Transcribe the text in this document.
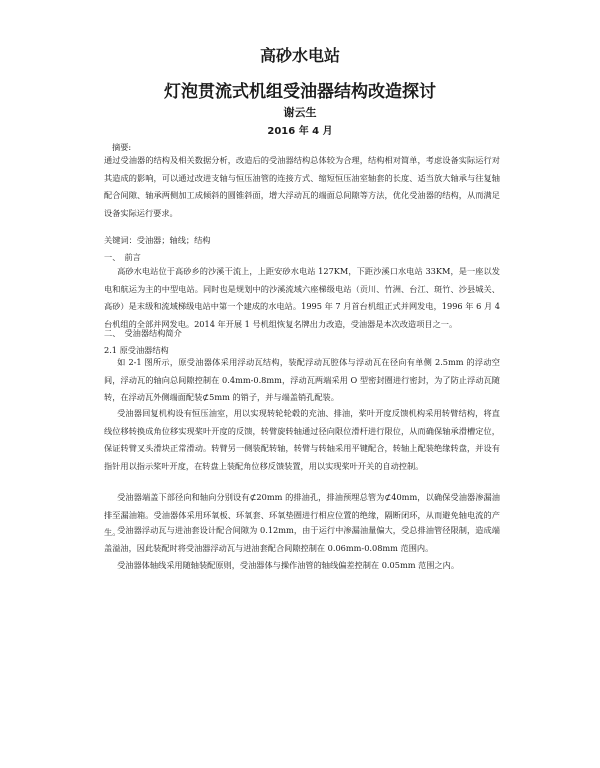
高砂水电站
灯泡贯流式机组受油器结构改造探讨
谢云生
2016 年 4 月

摘要:

通过受油器的结构及相关数据分析，改造后的受油器结构总体较为合理，结构相对简单，考虑设备实际运行对其造成的影响，可以通过改进支轴与恒压油管的连接方式、缩短恒压油室轴套的长度、适当放大轴承与往复轴配合间隙、轴承两侧加工成倾斜的圆锥斜面，增大浮动瓦的端面总间隙等方法，优化受油器的结构，从而满足设备实际运行要求。

关键词：受油器；轴线；结构

一、　前言

高砂水电站位于高砂乡的沙溪干流上，上距安砂水电站 127KM，下距沙溪口水电站 33KM，是一座以发电和航运为主的中型电站。同时也是规划中的沙溪流域六座梯级电站（贡川、竹洲、台江、斑竹、沙县城关、高砂）是末级和流域梯级电站中第一个建成的水电站。1995 年 7 月首台机组正式并网发电，1996 年 6 月 4 台机组的全部并网发电。2014 年开展 1 号机组恢复名牌出力改造，受油器是本次改造项目之一。

二、　受油器结构简介

2.1 原受油器结构

如 2-1 图所示，原受油器体采用浮动瓦结构，装配浮动瓦腔体与浮动瓦在径向有单侧 2.5mm 的浮动空间，浮动瓦的轴向总间隙控制在 0.4mm-0.8mm，浮动瓦两端采用 O 型密封圈进行密封，为了防止浮动瓦随转，在浮动瓦外侧端面配装⊄5mm 的销子，并与端盖销孔配装。

受油器回复机构设有恒压油室，用以实现转轮轮毂的充油、排油，桨叶开度反馈机构采用转臂结构，将直线位移转换成角位移实现桨叶开度的反馈，转臂旋转轴通过径向限位滑杆进行限位，从而确保轴承滑槽定位，保证转臂叉头滑块正常滑动。转臂另一侧装配转轴，转臂与转轴采用平键配合，转轴上配装绝缘转盘，并设有指针用以指示桨叶开度，在转盘上装配角位移反馈装置，用以实现桨叶开关的自动控制。

受油器端盖下部径向和轴向分别设有⊄20mm 的排油孔，排油预埋总管为⊄40mm，以确保受油器渗漏油排至漏油箱。受油器体采用环氧板、环氧套、环氧垫圈进行相应位置的绝缘，隔断闭环，从而避免轴电流的产生。

受油器浮动瓦与进油套设计配合间隙为 0.12mm，由于运行中渗漏油量偏大，受总排油管径限制，造成端盖溢油，因此装配时将受油器浮动瓦与进油套配合间隙控制在 0.06mm-0.08mm 范围内。

受油器体轴线采用随轴装配原则，受油器体与操作油管的轴线偏差控制在 0.05mm 范围之内。
